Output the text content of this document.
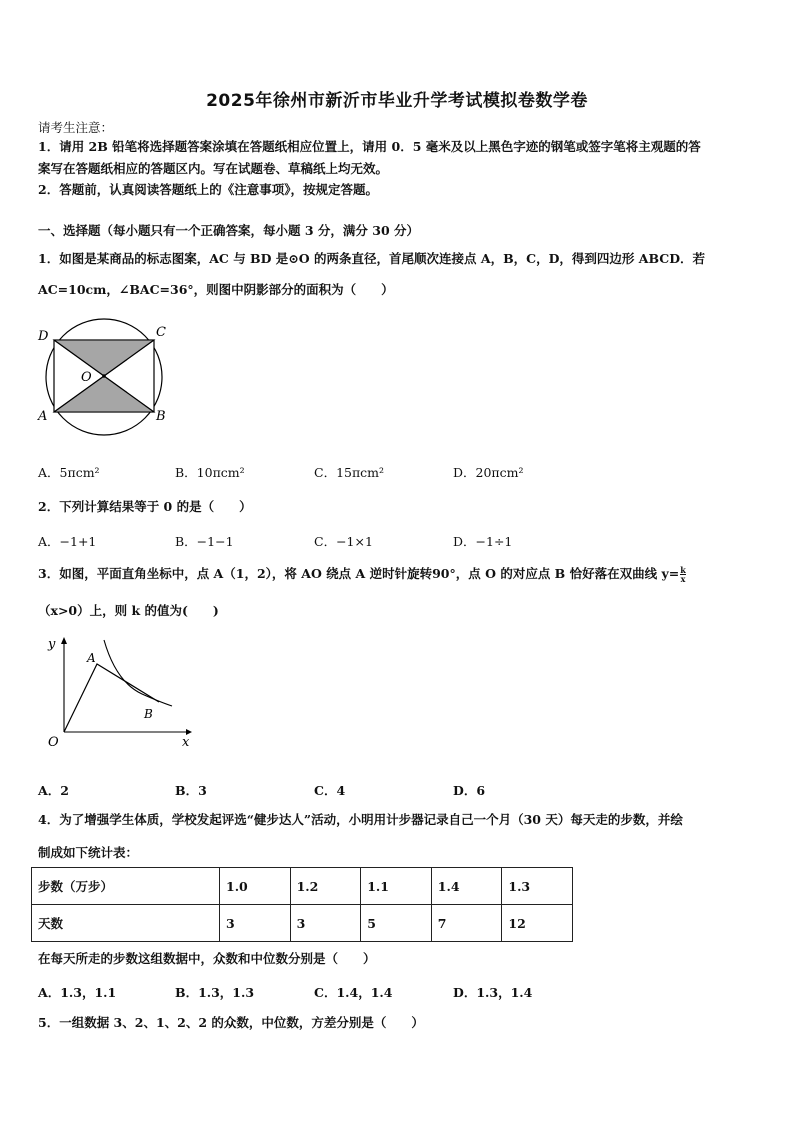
2025年徐州市新沂市毕业升学考试模拟卷数学卷
请考生注意：
1．请用 2B 铅笔将选择题答案涂填在答题纸相应位置上，请用 0．5 毫米及以上黑色字迹的钢笔或签字笔将主观题的答
案写在答题纸相应的答题区内。写在试题卷、草稿纸上均无效。
2．答题前，认真阅读答题纸上的《注意事项》，按规定答题。
一、选择题（每小题只有一个正确答案，每小题 3 分，满分 30 分）
1．如图是某商品的标志图案，AC 与 BD 是⊙O 的两条直径，首尾顺次连接点 A，B，C，D，得到四边形 ABCD．若
AC=10cm，∠BAC=36°，则图中阴影部分的面积为（　　）
D	C
O
A	B
A．5πcm²	B．10πcm²	C．15πcm²	D．20πcm²
2．下列计算结果等于 0 的是（　　）
A．−1+1	B．−1−1	C．−1×1	D．−1÷1
3．如图，平面直角坐标中，点 A（1，2），将 AO 绕点 A 逆时针旋转90°，点 O 的对应点 B 恰好落在双曲线 $y= \frac{k}{x}$
（x>0）上，则 k 的值为(　　)
y
A
B
O	x
A．2	B．3	C．4	D．6
4．为了增强学生体质，学校发起评选“健步达人”活动，小明用计步器记录自己一个月（30 天）每天走的步数，并绘
制成如下统计表：
步数（万步）	1.0	1.2	1.1	1.4	1.3
天数	3	3	5	7	12
在每天所走的步数这组数据中，众数和中位数分别是（　　）
A．1.3，1.1	B．1.3，1.3	C．1.4，1.4	D．1.3，1.4
5．一组数据 3、2、1、2、2 的众数，中位数，方差分别是（　　）
